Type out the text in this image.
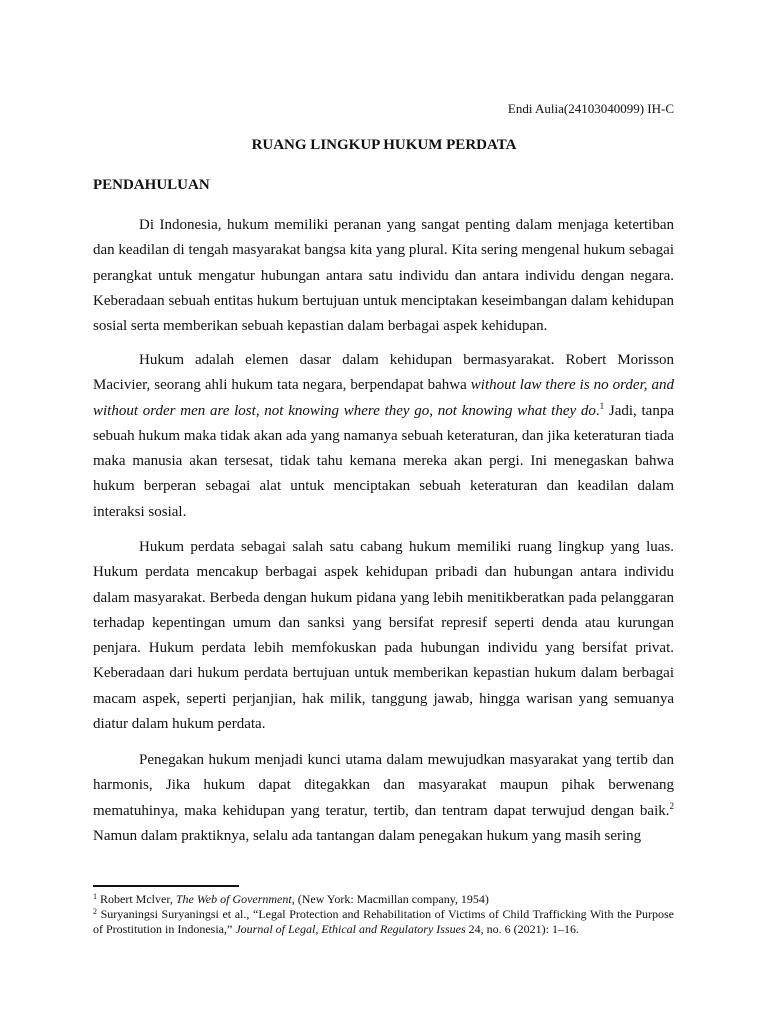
Endi Aulia(24103040099) IH-C
RUANG LINGKUP HUKUM PERDATA
PENDAHULUAN

Di Indonesia, hukum memiliki peranan yang sangat penting dalam menjaga ketertiban dan keadilan di tengah masyarakat bangsa kita yang plural. Kita sering mengenal hukum sebagai perangkat untuk mengatur hubungan antara satu individu dan antara individu dengan negara. Keberadaan sebuah entitas hukum bertujuan untuk menciptakan keseimbangan dalam kehidupan sosial serta memberikan sebuah kepastian dalam berbagai aspek kehidupan.

Hukum adalah elemen dasar dalam kehidupan bermasyarakat. Robert Morisson Macivier, seorang ahli hukum tata negara, berpendapat bahwa without law there is no order, and without order men are lost, not knowing where they go, not knowing what they do.$^1$ Jadi, tanpa sebuah hukum maka tidak akan ada yang namanya sebuah keteraturan, dan jika keteraturan tiada maka manusia akan tersesat, tidak tahu kemana mereka akan pergi. Ini menegaskan bahwa hukum berperan sebagai alat untuk menciptakan sebuah keteraturan dan keadilan dalam interaksi sosial.

Hukum perdata sebagai salah satu cabang hukum memiliki ruang lingkup yang luas. Hukum perdata mencakup berbagai aspek kehidupan pribadi dan hubungan antara individu dalam masyarakat. Berbeda dengan hukum pidana yang lebih menitikberatkan pada pelanggaran terhadap kepentingan umum dan sanksi yang bersifat represif seperti denda atau kurungan penjara. Hukum perdata lebih memfokuskan pada hubungan individu yang bersifat privat. Keberadaan dari hukum perdata bertujuan untuk memberikan kepastian hukum dalam berbagai macam aspek, seperti perjanjian, hak milik, tanggung jawab, hingga warisan yang semuanya diatur dalam hukum perdata.

Penegakan hukum menjadi kunci utama dalam mewujudkan masyarakat yang tertib dan harmonis, Jika hukum dapat ditegakkan dan masyarakat maupun pihak berwenang mematuhinya, maka kehidupan yang teratur, tertib, dan tentram dapat terwujud dengan baik.$^2$ Namun dalam praktiknya, selalu ada tantangan dalam penegakan hukum yang masih sering

$^1$ Robert Mclver, The Web of Government, (New York: Macmillan company, 1954)

$^2$ Suryaningsi Suryaningsi et al., “Legal Protection and Rehabilitation of Victims of Child Trafficking With the Purpose of Prostitution in Indonesia,” Journal of Legal, Ethical and Regulatory Issues 24, no. 6 (2021): 1–16.
